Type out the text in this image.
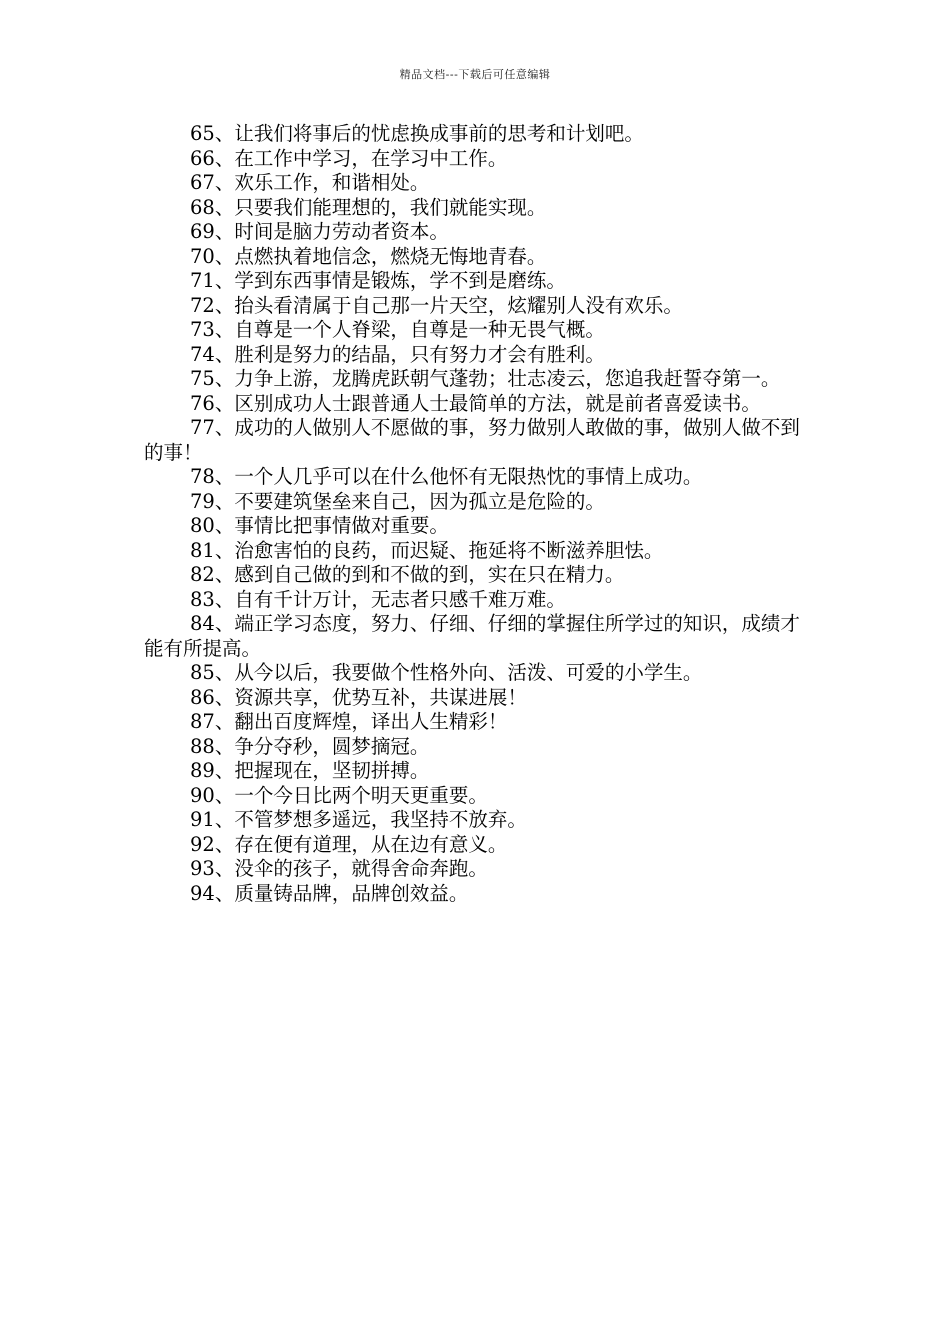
精品文档---下载后可任意编辑

65、让我们将事后的忧虑换成事前的思考和计划吧。

66、在工作中学习，在学习中工作。

67、欢乐工作，和谐相处。

68、只要我们能理想的，我们就能实现。

69、时间是脑力劳动者资本。

70、点燃执着地信念，燃烧无悔地青春。

71、学到东西事情是锻炼，学不到是磨练。

72、抬头看清属于自己那一片天空，炫耀别人没有欢乐。

73、自尊是一个人脊梁，自尊是一种无畏气概。

74、胜利是努力的结晶，只有努力才会有胜利。

75、力争上游，龙腾虎跃朝气蓬勃；壮志凌云，您追我赶誓夺第一。

76、区别成功人士跟普通人士最简单的方法，就是前者喜爱读书。

77、成功的人做别人不愿做的事，努力做别人敢做的事，做别人做不到的事！

78、一个人几乎可以在什么他怀有无限热忱的事情上成功。

79、不要建筑堡垒来自己，因为孤立是危险的。

80、事情比把事情做对重要。

81、治愈害怕的良药，而迟疑、拖延将不断滋养胆怯。

82、感到自己做的到和不做的到，实在只在精力。

83、自有千计万计，无志者只感千难万难。

84、端正学习态度，努力、仔细、仔细的掌握住所学过的知识，成绩才能有所提高。

85、从今以后，我要做个性格外向、活泼、可爱的小学生。

86、资源共享，优势互补，共谋进展！

87、翻出百度辉煌，译出人生精彩！

88、争分夺秒，圆梦摘冠。

89、把握现在，坚韧拼搏。

90、一个今日比两个明天更重要。

91、不管梦想多遥远，我坚持不放弃。

92、存在便有道理，从在边有意义。

93、没伞的孩子，就得舍命奔跑。

94、质量铸品牌，品牌创效益。
